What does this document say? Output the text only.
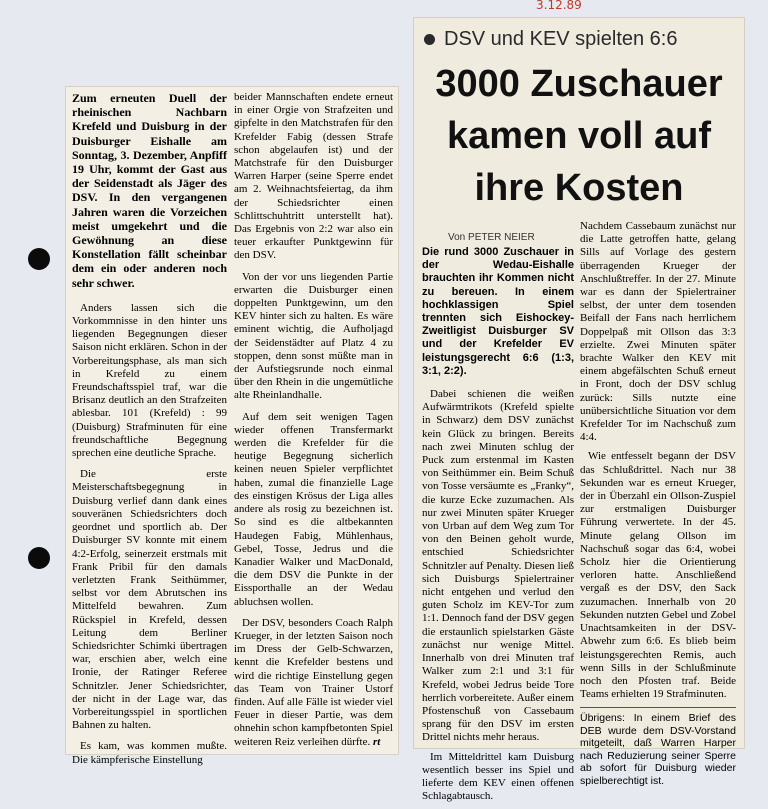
3.12.89

Zum erneuten Duell der rheinischen Nachbarn Krefeld und Duisburg in der Duisburger Eishalle am Sonntag, 3. Dezember, Anpfiff 19 Uhr, kommt der Gast aus der Seidenstadt als Jäger des DSV. In den vergangenen Jahren waren die Vorzeichen meist umgekehrt und die Gewöhnung an diese Konstellation fällt scheinbar dem ein oder anderen noch sehr schwer.

Anders lassen sich die Vorkommnisse in den hinter uns liegenden Begegnungen dieser Saison nicht erklären. Schon in der Vorbereitungsphase, als man sich in Krefeld zu einem Freundschaftsspiel traf, war die Brisanz deutlich an den Strafzeiten ablesbar. 101 (Krefeld) : 99 (Duisburg) Strafminuten für eine freundschaftliche Begegnung sprechen eine deutliche Sprache.

Die erste Meisterschaftsbegegnung in Duisburg verlief dann dank eines souveränen Schiedsrichters doch geordnet und sportlich ab. Der Duisburger SV konnte mit einem 4:2-Erfolg, seinerzeit erstmals mit Frank Pribil für den damals verletzten Frank Seithümmer, selbst vor dem Abrutschen ins Mittelfeld bewahren. Zum Rückspiel in Krefeld, dessen Leitung dem Berliner Schiedsrichter Schimki übertragen war, erschien aber, welch eine Ironie, der Ratinger Referee Schnitzler. Jener Schiedsrichter, der nicht in der Lage war, das Vorbereitungsspiel in sportlichen Bahnen zu halten.

Es kam, was kommen mußte. Die kämpferische Einstellung

beider Mannschaften endete erneut in einer Orgie von Strafzeiten und gipfelte in den Matchstrafen für den Krefelder Fabig (dessen Strafe schon abgelaufen ist) und der Matchstrafe für den Duisburger Warren Harper (seine Sperre endet am 2. Weihnachtsfeiertag, da ihm der Schiedsrichter einen Schlittschuhtritt unterstellt hat). Das Ergebnis von 2:2 war also ein teuer erkaufter Punktgewinn für den DSV.

Von der vor uns liegenden Partie erwarten die Duisburger einen doppelten Punktgewinn, um den KEV hinter sich zu halten. Es wäre eminent wichtig, die Aufholjagd der Seidenstädter auf Platz 4 zu stoppen, denn sonst müßte man in der Aufstiegsrunde noch einmal über den Rhein in die ungemütliche alte Rheinlandhalle.

Auf dem seit wenigen Tagen wieder offenen Transfermarkt werden die Krefelder für die heutige Begegnung sicherlich keinen neuen Spieler verpflichtet haben, zumal die finanzielle Lage des einstigen Krösus der Liga alles andere als rosig zu bezeichnen ist. So sind es die altbekannten Haudegen Fabig, Mühlenhaus, Gebel, Tosse, Jedrus und die Kanadier Walker und MacDonald, die dem DSV die Punkte in der Eissporthalle an der Wedau abluchsen wollen.

Der DSV, besonders Coach Ralph Krueger, in der letzten Saison noch im Dress der Gelb-Schwarzen, kennt die Krefelder bestens und wird die richtige Einstellung gegen das Team von Trainer Ustorf finden. Auf alle Fälle ist wieder viel Feuer in dieser Partie, was dem ohnehin schon kampfbetonten Spiel weiteren Reiz verleihen dürfte. rt

DSV und KEV spielten 6:6
3000 Zuschauer kamen voll auf ihre Kosten
Von PETER NEIER

Die rund 3000 Zuschauer in der Wedau-Eishalle brauchten ihr Kommen nicht zu bereuen. In einem hochklassigen Spiel trennten sich Eishockey-Zweitligist Duisburger SV und der Krefelder EV leistungsgerecht 6:6 (1:3, 3:1, 2:2).

Dabei schienen die weißen Aufwärmtrikots (Krefeld spielte in Schwarz) dem DSV zunächst kein Glück zu bringen. Bereits nach zwei Minuten schlug der Puck zum erstenmal im Kasten von Seithümmer ein. Beim Schuß von Tosse versäumte es „Franky“, die kurze Ecke zuzumachen. Als nur zwei Minuten später Krueger von Urban auf dem Weg zum Tor von den Beinen geholt wurde, entschied Schiedsrichter Schnitzler auf Penalty. Diesen ließ sich Duisburgs Spielertrainer nicht entgehen und verlud den guten Scholz im KEV-Tor zum 1:1. Dennoch fand der DSV gegen die erstaunlich spielstarken Gäste zunächst nur wenige Mittel. Innerhalb von drei Minuten traf Walker zum 2:1 und 3:1 für Krefeld, wobei Jedrus beide Tore herrlich vorbereitete. Außer einem Pfostenschuß von Cassebaum sprang für den DSV im ersten Drittel nichts mehr heraus.

Im Mitteldrittel kam Duisburg wesentlich besser ins Spiel und lieferte dem KEV einen offenen Schlagabtausch.

Nachdem Cassebaum zunächst nur die Latte getroffen hatte, gelang Sills auf Vorlage des gestern überragenden Krueger der Anschlußtreffer. In der 27. Minute war es dann der Spielertrainer selbst, der unter dem tosenden Beifall der Fans nach herrlichem Doppelpaß mit Ollson das 3:3 erzielte. Zwei Minuten später brachte Walker den KEV mit einem abgefälschten Schuß erneut in Front, doch der DSV schlug zurück: Sills nutzte eine unübersichtliche Situation vor dem Krefelder Tor im Nachschuß zum 4:4.

Wie entfesselt begann der DSV das Schlußdrittel. Nach nur 38 Sekunden war es erneut Krueger, der in Überzahl ein Ollson-Zuspiel zur erstmaligen Duisburger Führung verwertete. In der 45. Minute gelang Ollson im Nachschuß sogar das 6:4, wobei Scholz hier die Orientierung verloren hatte. Anschließend vergaß es der DSV, den Sack zuzumachen. Innerhalb von 20 Sekunden nutzten Gebel und Zobel Unachtsamkeiten in der DSV-Abwehr zum 6:6. Es blieb beim leistungsgerechten Remis, auch wenn Sills in der Schlußminute noch den Pfosten traf. Beide Teams erhielten 19 Strafminuten.

Übrigens: In einem Brief des DEB wurde dem DSV-Vorstand mitgeteilt, daß Warren Harper nach Reduzierung seiner Sperre ab sofort für Duisburg wieder spielberechtigt ist.
